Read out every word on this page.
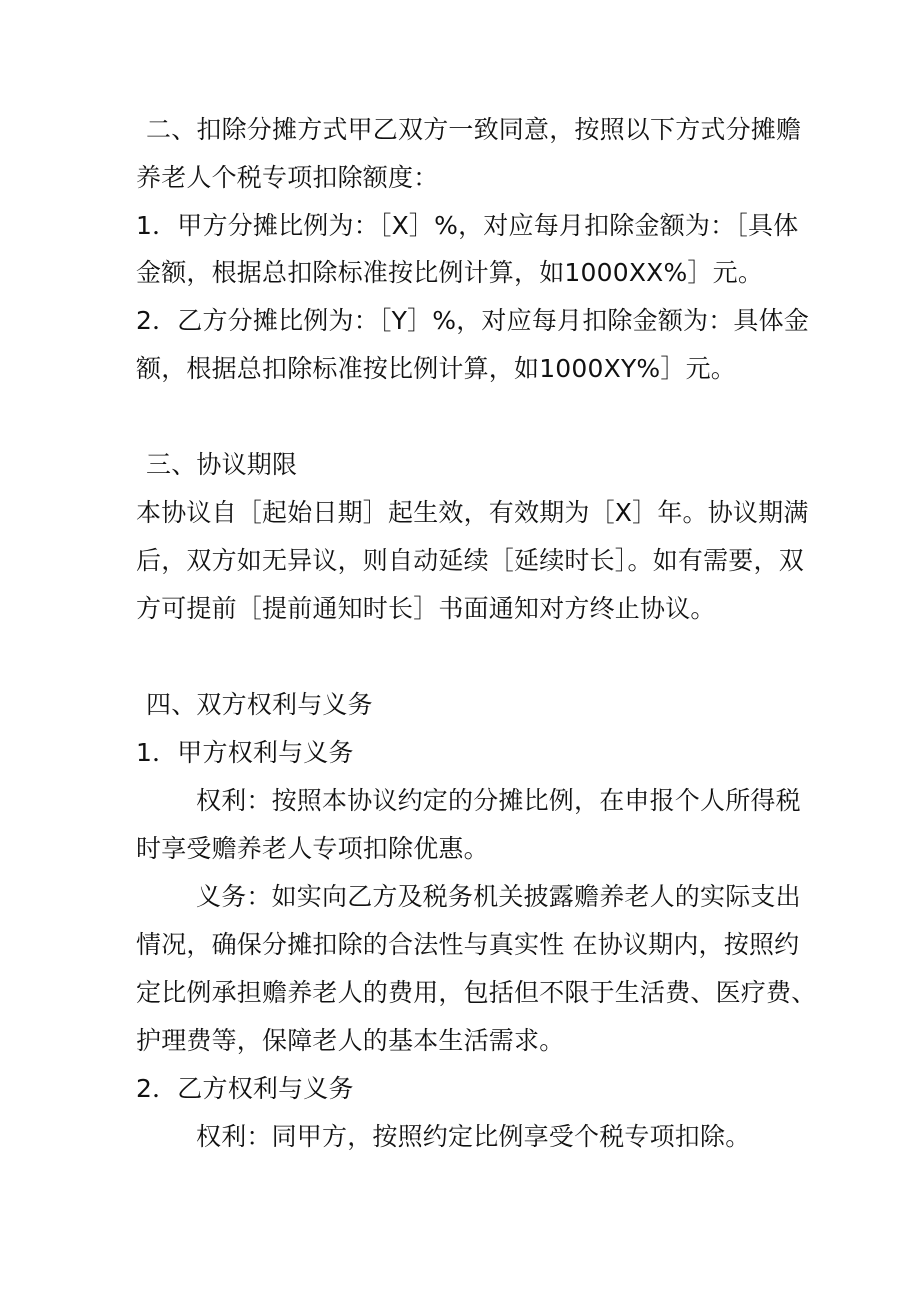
二、扣除分摊方式甲乙双方一致同意，按照以下方式分摊赡
养老人个税专项扣除额度：
1．甲方分摊比例为：［X］%，对应每月扣除金额为：［具体
金额，根据总扣除标准按比例计算，如1000XX%］元。
2．乙方分摊比例为：［Y］%，对应每月扣除金额为：具体金
额，根据总扣除标准按比例计算，如1000XY%］元。
三、协议期限
本协议自［起始日期］起生效，有效期为［X］年。协议期满
后，双方如无异议，则自动延续［延续时长］。如有需要，双
方可提前［提前通知时长］书面通知对方终止协议。
四、双方权利与义务
1．甲方权利与义务
权利：按照本协议约定的分摊比例，在申报个人所得税
时享受赡养老人专项扣除优惠。
义务：如实向乙方及税务机关披露赡养老人的实际支出
情况，确保分摊扣除的合法性与真实性 在协议期内，按照约
定比例承担赡养老人的费用，包括但不限于生活费、医疗费、
护理费等，保障老人的基本生活需求。
2．乙方权利与义务
权利：同甲方，按照约定比例享受个税专项扣除。
